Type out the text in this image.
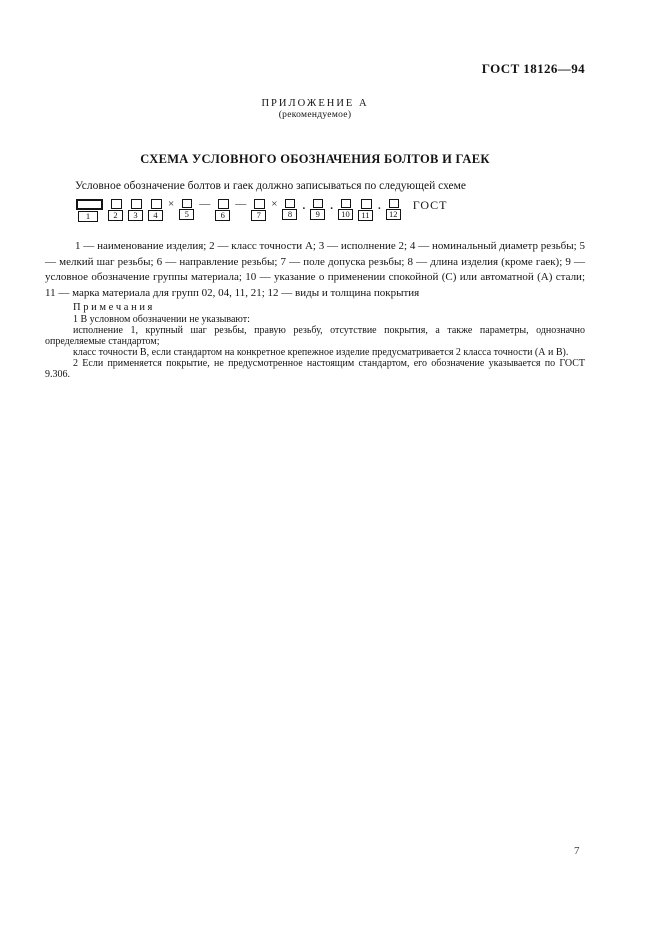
ГОСТ 18126—94
ПРИЛОЖЕНИЕ А
(рекомендуемое)
СХЕМА УСЛОВНОГО ОБОЗНАЧЕНИЯ БОЛТОВ И ГАЕК

Условное обозначение болтов и гаек должно записываться по следующей схеме

1	2	3	4
×
5
—
6
—
7
×
8
.
9
.
10	11
.
12
ГОСТ

1 — наименование изделия; 2 — класс точности А; 3 — исполнение 2; 4 — номинальный диаметр резьбы; 5 — мелкий шаг резьбы; 6 — направление резьбы; 7 — поле допуска резьбы; 8 — длина изделия (кроме гаек); 9 — условное обозначение группы материала; 10 — указание о применении спокойной (С) или автоматной (А) стали; 11 — марка материала для групп 02, 04, 11, 21; 12 — виды и толщина покрытия

П р и м е ч а н и я

1 В условном обозначении не указывают:

исполнение 1, крупный шаг резьбы, правую резьбу, отсутствие покрытия, а также параметры, однозначно определяемые стандартом;

класс точности В, если стандартом на конкретное крепежное изделие предусматривается 2 класса точности (А и В).

2 Если применяется покрытие, не предусмотренное настоящим стандартом, его обозначение указывается по ГОСТ 9.306.

7
